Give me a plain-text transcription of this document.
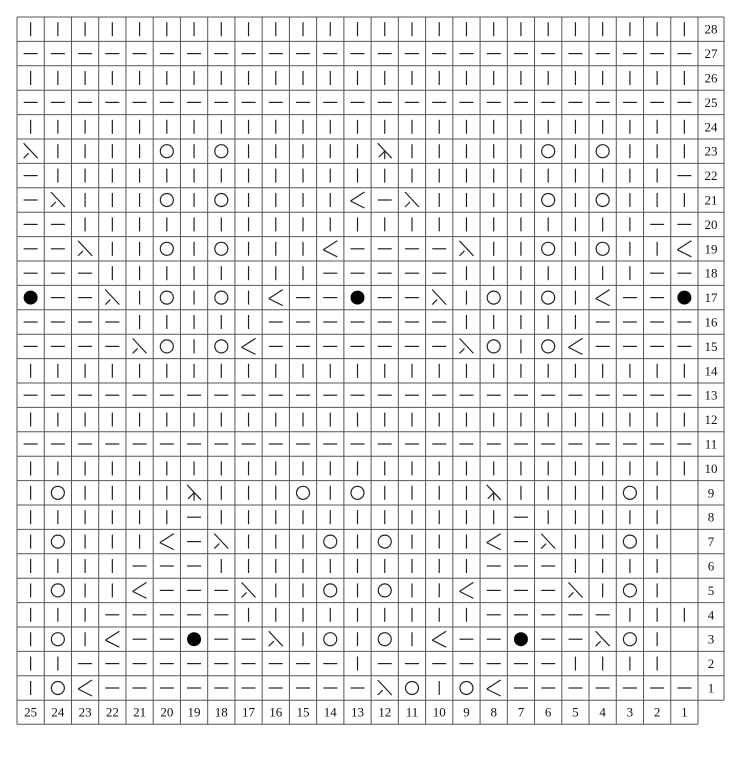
28
27
26
25
24
23
22
21
20
19
18
17
16
15
14
13
12
11
10
9
8
7
6
5
4
3
2
1
25 24 23 22 21 20 19 18 17 16 15 14 13 12 11 10 9 8 7 6 5 4 3 2 1
